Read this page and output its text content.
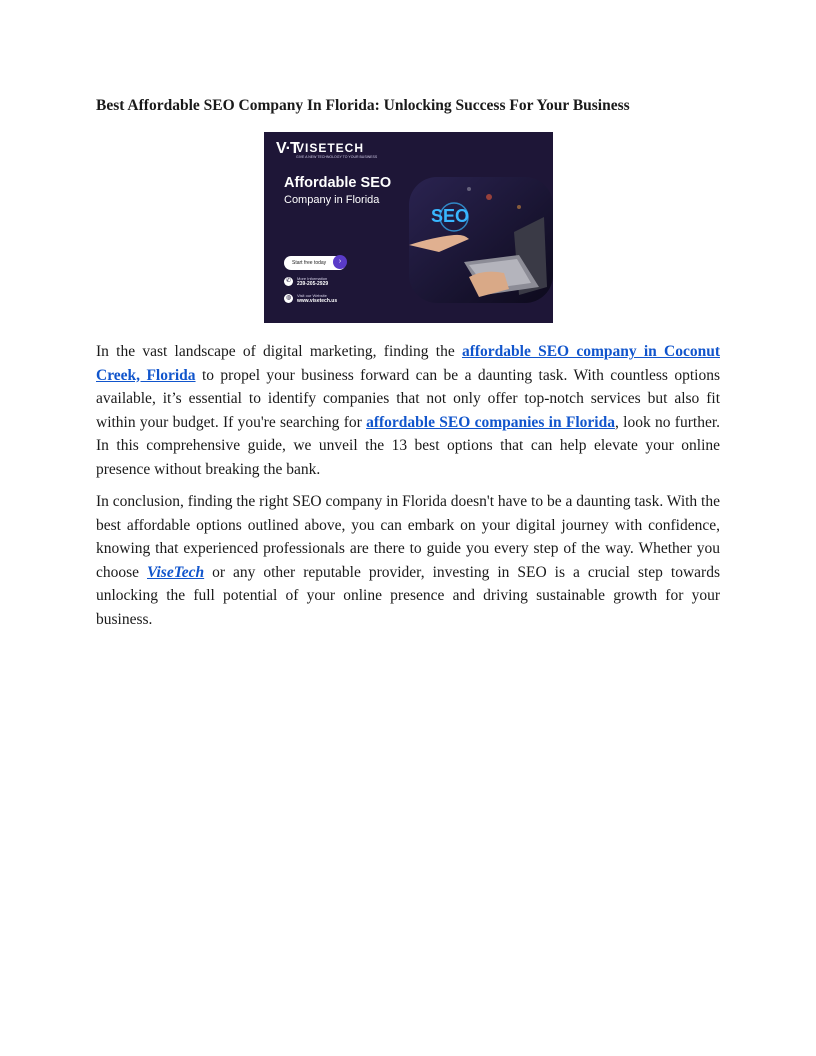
Best Affordable SEO Company In Florida: Unlocking Success For Your Business
V·T
VISETECH
GIVE A NEW TECHNOLOGY TO YOUR BUSINESS
Affordable SEO
Company in Florida
SEO
Start free today	›
✆	More Information
239-205-2929
◍	Visit our Website
www.visetech.us

In the vast landscape of digital marketing, finding the affordable SEO company in Coconut Creek, Florida to propel your business forward can be a daunting task. With countless options available, it’s essential to identify companies that not only offer top-notch services but also fit within your budget. If you're searching for affordable SEO companies in Florida, look no further. In this comprehensive guide, we unveil the 13 best options that can help elevate your online presence without breaking the bank.

In conclusion, finding the right SEO company in Florida doesn't have to be a daunting task. With the best affordable options outlined above, you can embark on your digital journey with confidence, knowing that experienced professionals are there to guide you every step of the way. Whether you choose ViseTech or any other reputable provider, investing in SEO is a crucial step towards unlocking the full potential of your online presence and driving sustainable growth for your business.
